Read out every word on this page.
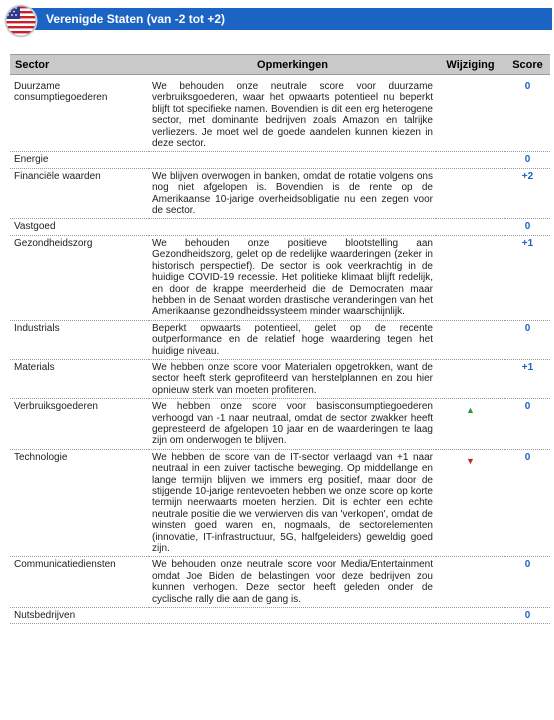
Verenigde Staten (van -2 tot +2)
Sector	Opmerkingen	Wijziging	Score

Duurzame consumptiegoederen	We behouden onze neutrale score voor duurzame verbruiksgoederen, waar het opwaarts potentieel nu beperkt blijft tot specifieke namen. Bovendien is dit een erg heterogene sector, met dominante bedrijven zoals Amazon en talrijke verliezers. Je moet wel de goede aandelen kunnen kiezen in deze sector.		0
Energie			0
Financiële waarden	We blijven overwogen in banken, omdat de rotatie volgens ons nog niet afgelopen is. Bovendien is de rente op de Amerikaanse 10-jarige overheidsobligatie nu een zegen voor de sector.		+2
Vastgoed			0
Gezondheidszorg	We behouden onze positieve blootstelling aan Gezondheidszorg, gelet op de redelijke waarderingen (zeker in historisch perspectief). De sector is ook veerkrachtig in de huidige COVID-19 recessie. Het politieke klimaat blijft redelijk, en door de krappe meerderheid die de Democraten maar hebben in de Senaat worden drastische veranderingen van het Amerikaanse gezondheidssysteem minder waarschijnlijk.		+1
Industrials	Beperkt opwaarts potentieel, gelet op de recente outperformance en de relatief hoge waardering tegen het huidige niveau.		0
Materials	We hebben onze score voor Materialen opgetrokken, want de sector heeft sterk geprofiteerd van herstelplannen en zou hier opnieuw sterk van moeten profiteren.		+1
Verbruiksgoederen	We hebben onze score voor basisconsumptiegoederen verhoogd van -1 naar neutraal, omdat de sector zwakker heeft gepresteerd de afgelopen 10 jaar en de waarderingen te laag zijn om onderwogen te blijven.	▲	0
Technologie	We hebben de score van de IT-sector verlaagd van +1 naar neutraal in een zuiver tactische beweging. Op middellange en lange termijn blijven we immers erg positief, maar door de stijgende 10-jarige rentevoeten hebben we onze score op korte termijn neerwaarts moeten herzien. Dit is echter een echte neutrale positie die we verwierven dis van 'verkopen', omdat de winsten goed waren en, nogmaals, de sectorelementen (innovatie, IT-infrastructuur, 5G, halfgeleiders) geweldig goed zijn.	▼	0
Communicatiediensten	We behouden onze neutrale score voor Media/Entertainment omdat Joe Biden de belastingen voor deze bedrijven zou kunnen verhogen. Deze sector heeft geleden onder de cyclische rally die aan de gang is.		0
Nutsbedrijven			0
